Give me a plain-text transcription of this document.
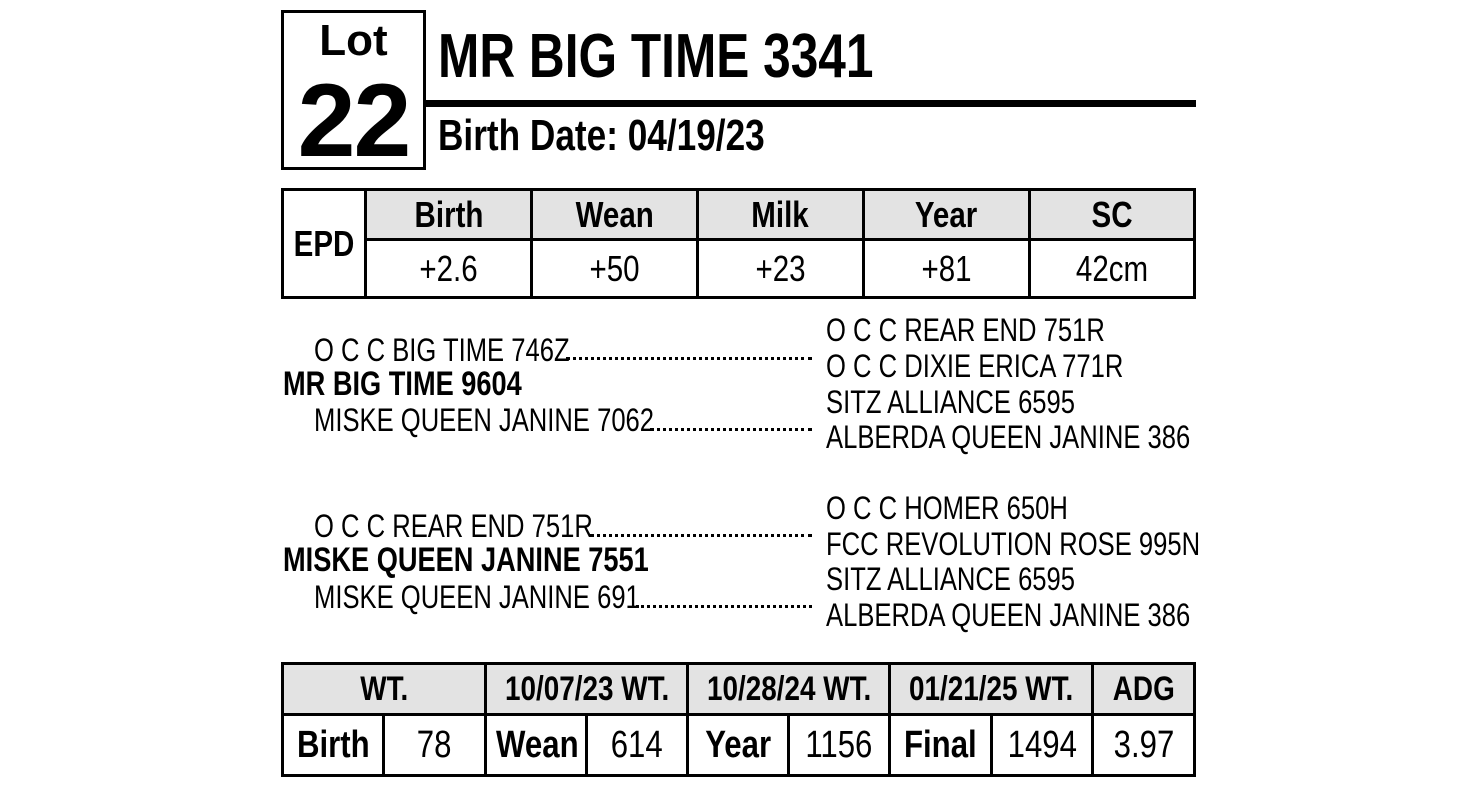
Lot
22
MR BIG TIME 3341
Birth Date: 04/19/23
EPD	Birth	Wean	Milk	Year	SC
	+2.6	+50	+23	+81	42cm
O C C BIG TIME 746Z
MR BIG TIME 9604
MISKE QUEEN JANINE 7062
O C C REAR END 751R
O C C DIXIE ERICA 771R
SITZ ALLIANCE 6595
ALBERDA QUEEN JANINE 386
O C C REAR END 751R
MISKE QUEEN JANINE 7551
MISKE QUEEN JANINE 691
O C C HOMER 650H
FCC REVOLUTION ROSE 995N
SITZ ALLIANCE 6595
ALBERDA QUEEN JANINE 386
WT.		10/07/23 WT.		10/28/24 WT.		01/21/25 WT.		ADG
Birth	78	Wean	614	Year	1156	Final	1494	3.97
